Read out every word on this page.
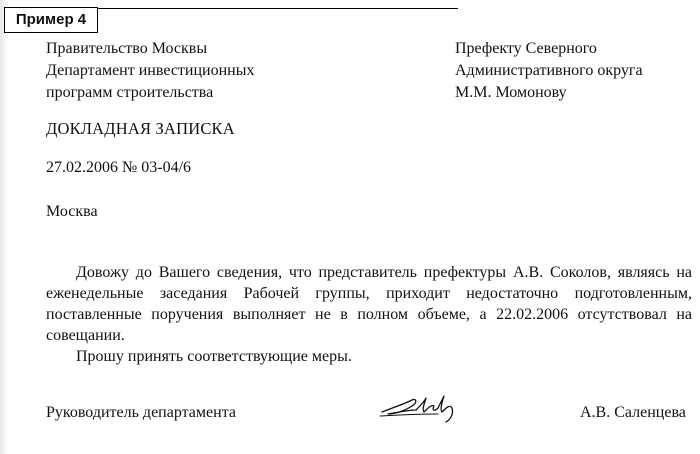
Пример 4
Правительство Москвы
Департамент инвестиционных
программ строительства
Префекту Северного
Административного округа
М.М. Момонову
ДОКЛАДНАЯ ЗАПИСКА
27.02.2006 № 03-04/6
Москва

Довожу до Вашего сведения, что представитель префектуры А.В. Соколов, являясь на еженедельные заседания Рабочей группы, приходит недостаточно подготовленным, поставленные поручения выполняет не в полном объеме, а 22.02.2006 отсутствовал на совещании.

Прошу принять соответствующие меры.

Руководитель департамента	А.В. Саленцева
